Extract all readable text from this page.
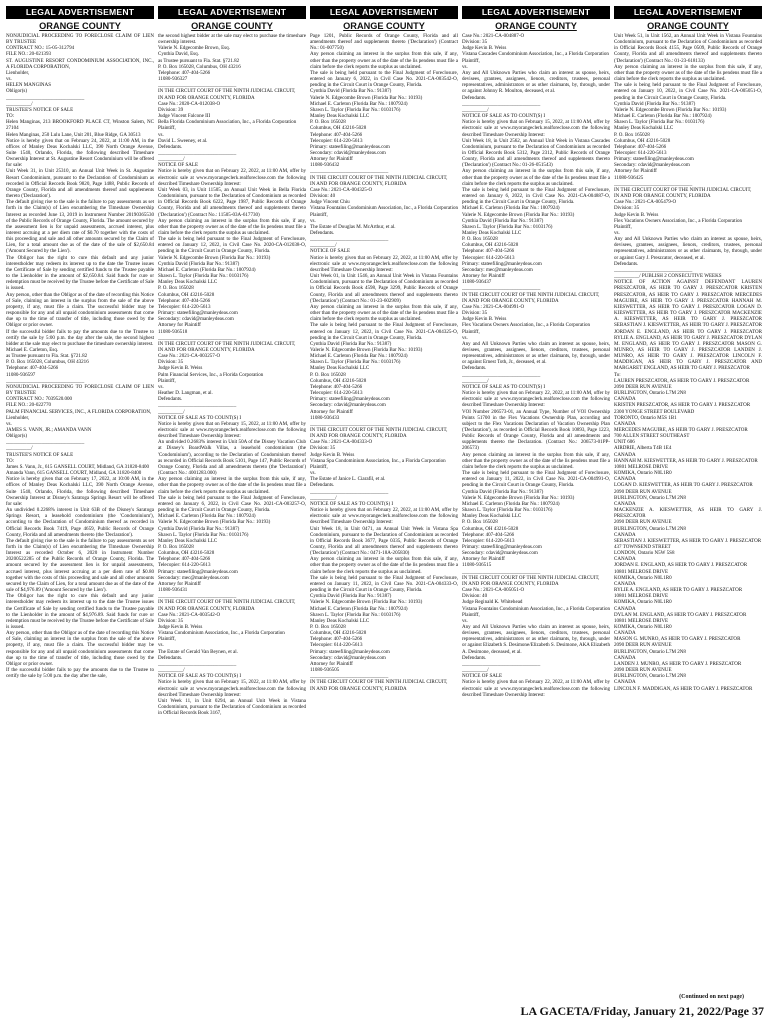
LEGAL ADVERTISEMENT
ORANGE COUNTY
NONJUDICIAL PROCEEDING TO FORECLOSE CLAIM OF LIEN BY TRUSTEE
CONTRACT NO.: 15-05-312794
FILE NO.: 20-021393
ST. AUGUSTINE RESORT CONDOMINIUM ASSOCIATION, INC., A FLORIDA CORPORATION,
Lienholder,
vs.
HELEN MANGINAS
Obligor(s)
_______________________________
__________/
TRUSTEE'S NOTICE OF SALE
TO:
Helen Manginas, 213 BROOKFORD PLACE CT, Winston Salem, NC 27104
Helen Manginas, 250 Lulu Lane, Unit 201, Blue Ridge, GA 30513
Notice is hereby given that on February 24, 2022, at 11:00 AM, in the offices of Manley Deas Kochalski LLC, 390 North Orange Avenue, Suite 1540, Orlando, Florida, the following described Timeshare Ownership Interest at St. Augustine Resort Condominium will be offered for sale:
Unit Week 31, in Unit 25310, an Annual Unit Week in St. Augustine Resort Condominium, pursuant to the Declaration of Condominium as recorded in Official Records Book 9820, Page 1488, Public Records of Orange County, Florida and all amendments thereof and supplements thereto ('Declaration').
The default giving rise to the sale is the failure to pay assessments as set forth in the Claim(s) of Lien encumbering the Timeshare Ownership Interest as recorded June 13, 2019 in Instrument Number 20190365530 of the Public Records of Orange County, Florida. The amount secured by the assessment lien is for unpaid assessments, accrued interest, plus interest accruing at a per diem rate of $0.70 together with the costs of this proceeding and sale and all other amounts secured by the Claim of Lien, for a total amount due as of the date of the sale of $2,650.84 ('Amount Secured by the Lien').
The Obligor has the right to cure this default and any junior interestholder may redeem its interest up to the date the Trustee issues the Certificate of Sale by sending certified funds to the Trustee payable to the Lienholder in the amount of $2,650.84. Said funds for cure or redemption must be received by the Trustee before the Certificate of Sale is issued.
Any person, other than the Obligor as of the date of recording this Notice of Sale, claiming an interest in the surplus from the sale of the above property, if any, must file a claim. The successful bidder may be responsible for any and all unpaid condominium assessments that come due up to the time of transfer of title, including those owed by the Obligor or prior owner.
If the successful bidder fails to pay the amounts due to the Trustee to certify the sale by 5:00 p.m. the day after the sale, the second highest bidder at the sale may elect to purchase the timeshare ownership interest.
Michael E. Carleton, Esq.
as Trustee pursuant to Fla. Stat. §721.82
P. O. Box 165028, Columbus, OH 43216
Telephone: 407-404-5266
11080-936597
_______________________________
NONJUDICIAL PROCEEDING TO FORECLOSE CLAIM OF LIEN BY TRUSTEE
CONTRACT NO.: 7039520.000
FILE NO.: 20-022770
PALM FINANCIAL SERVICES, INC., A FLORIDA CORPORATION,
Lienholder,
vs.
JAMES S. VANN, JR.; AMANDA VANN
Obligor(s)
_______________________________
__________/
TRUSTEE'S NOTICE OF SALE
TO:
James S. Vann, Jr., 615 GANSELL COURT, Midland, GA 31820-8400
Amanda Vann, 615 GANSELL COURT, Midland, GA 31820-8400
Notice is hereby given that on February 17, 2022, at 10:00 AM, in the offices of Manley Deas Kochalski LLC, 390 North Orange Avenue, Suite 1540, Orlando, Florida, the following described Timeshare Ownership Interest at Disney's Saratoga Springs Resort will be offered for sale:
An undivided 0.2268% interest in Unit 63B of the Disney's Saratoga Springs Resort, a leasehold condominium (the 'Condominium'), according to the Declaration of Condominium thereof as recorded in Official Records Book 7419, Page 4659, Public Records of Orange County, Florida and all amendments thereto (the 'Declaration').
The default giving rise to the sale is the failure to pay assessments as set forth in the Claim(s) of Lien encumbering the Timeshare Ownership Interest as recorded October 6, 2020 in Instrument Number 20200522285 of the Public Records of Orange County, Florida. The amount secured by the assessment lien is for unpaid assessments, accrued interest, plus interest accruing at a per diem rate of $0.80 together with the costs of this proceeding and sale and all other amounts secured by the Claim of Lien, for a total amount due as of the date of the sale of $4,976.89 ('Amount Secured by the Lien').
The Obligor has the right to cure this default and any junior interestholder may redeem its interest up to the date the Trustee issues the Certificate of Sale by sending certified funds to the Trustee payable to the Lienholder in the amount of $4,976.89. Said funds for cure or redemption must be received by the Trustee before the Certificate of Sale is issued.
Any person, other than the Obligor as of the date of recording this Notice of Sale, claiming an interest in the surplus from the sale of the above property, if any, must file a claim. The successful bidder may be responsible for any and all unpaid condominium assessments that come due up to the time of transfer of title, including those owed by the Obligor or prior owner.
If the successful bidder fails to pay the amounts due to the Trustee to certify the sale by 5:00 p.m. the day after the sale,
LEGAL ADVERTISEMENT
ORANGE COUNTY
the second highest bidder at the sale may elect to purchase the timeshare ownership interest.
Valerie N. Edgecombe Brown, Esq.
Cynthia David, Esq.
as Trustee pursuant to Fla. Stat. §721.82
P. O. Box 165028, Columbus, OH 43216
Telephone: 407-404-5266
11080-936327
_______________________________
IN THE CIRCUIT COURT OF THE NINTH JUDICIAL CIRCUIT,
IN AND FOR ORANGE COUNTY, FLORIDA
Case No.: 2020-CA-012038-O
Division: 39
Judge Vincent Falcone III
Bella Florida Condominium Association, Inc., a Florida Corporation
Plaintiff,
vs.
David L. Sweeney, et al.
Defendants.
_______________________________
__________/
NOTICE OF SALE
Notice is hereby given that on February 22, 2022, at 11:00 AM, offer by electronic sale at www.myorangeclerk.realforeclose.com the following described Timeshare Ownership Interest:
Unit Week 03, in Unit 11505, an Annual Unit Week in Bella Florida Condominium, pursuant to the Declaration of Condominium as recorded in Official Records Book 6222, Page 1987, Public Records of Orange County, Florida and all amendments thereof and supplements thereto ('Declaration') (Contract No.: 11505-03A-617730)
Any person claiming an interest in the surplus from this sale, if any, other than the property owner as of the date of the lis pendens must file a claim before the clerk reports the surplus as unclaimed.
The sale is being held pursuant to the Final Judgment of Foreclosure, entered on January 12, 2022, in Civil Case No. 2020-CA-012038-O, pending in the Circuit Court in Orange County, Florida.
Valerie N. Edgecombe Brown (Florida Bar No.: 10193)
Cynthia David (Florida Bar No.: 91387)
Michael E. Carleton (Florida Bar No.: 1007924)
Shawn L. Taylor (Florida Bar No.: 0103176)
Manley Deas Kochalski LLC
P. O. Box 165028
Columbus, OH 43216-5028
Telephone: 407-404-5266
Telecopier: 614-220-5613
Primary: stateefiling@manleydeas.com
Secondary: cdavid@manleydeas.com
Attorney for Plaintiff
11080-936518
_______________________________
IN THE CIRCUIT COURT OF THE NINTH JUDICIAL CIRCUIT,
IN AND FOR ORANGE COUNTY, FLORIDA
Case No.: 2021-CA-003257-O
Division: 35
Judge Kevin B. Weiss
Palm Financial Services, Inc., a Florida Corporation
Plaintiff,
vs.
Heather D. Langman, et al.
Defendants.
_______________________________
__________/
NOTICE OF SALE AS TO COUNT(S) I
Notice is hereby given that on February 15, 2022, at 11:00 AM, offer by electronic sale at www.myorangeclerk.realforeclose.com the following described Timeshare Ownership Interest:
An undivided 0.2683% interest in Unit 50A of the Disney Vacation Club at Disney's BoardWalk Villas, a leasehold condominium (the 'Condominium'), according to the Declaration of Condominium thereof as recorded in Official Records Book 5101, Page 147, Public Records of Orange County, Florida and all amendments thereto (the 'Declaration') (Contract No.: 4001283.000)
Any person claiming an interest in the surplus from this sale, if any, other than the property owner as of the date of the lis pendens must file a claim before the clerk reports the surplus as unclaimed.
The sale is being held pursuant to the Final Judgment of Foreclosure, entered on January 6, 2022, in Civil Case No. 2021-CA-003257-O, pending in the Circuit Court in Orange County, Florida.
Michael E. Carleton (Florida Bar No.: 1007924)
Valerie N. Edgecombe Brown (Florida Bar No.: 10193)
Cynthia David (Florida Bar No.: 91387)
Shawn L. Taylor (Florida Bar No.: 0103176)
Manley Deas Kochalski LLC
P. O. Box 165028
Columbus, OH 43216-5028
Telephone: 407-404-5266
Telecopier: 614-220-5613
Primary: stateefiling@manleydeas.com
Secondary: mec@manleydeas.com
Attorney for Plaintiff
11080-936431
_______________________________
IN THE CIRCUIT COURT OF THE NINTH JUDICIAL CIRCUIT,
IN AND FOR ORANGE COUNTY, FLORIDA
Case No.: 2021-CA-003542-O
Division: 35
Judge Kevin B. Weiss
Vistana Condominium Association, Inc., a Florida Corporation
Plaintiff,
vs.
The Estate of Gerald Van Beynen, et al.
Defendants.
_______________________________
__________/
NOTICE OF SALE AS TO COUNT(S) I
Notice is hereby given that on February 15, 2022, at 11:00 AM, offer by electronic sale at www.myorangeclerk.realforeclose.com the following described Timeshare Ownership Interest:
Unit Week 11, in Unit 0294, an Annual Unit Week in Vistana Condominium, pursuant to the Declaration of Condominium as recorded in Official Records Book 3167,
LEGAL ADVERTISEMENT
ORANGE COUNTY
Page 1201, Public Records of Orange County, Florida and all amendments thereof and supplements thereto ('Declaration') (Contract No.: 01-007750)
Any person claiming an interest in the surplus from this sale, if any, other than the property owner as of the date of the lis pendens must file a claim before the clerk reports the surplus as unclaimed.
The sale is being held pursuant to the Final Judgment of Foreclosure, entered on January 6, 2022, in Civil Case No. 2021-CA-003542-O, pending in the Circuit Court in Orange County, Florida.
Cynthia David (Florida Bar No.: 91387)
Valerie N. Edgecombe Brown (Florida Bar No.: 10193)
Michael E. Carleton (Florida Bar No.: 1007924)
Shawn L. Taylor (Florida Bar No.: 0103176)
Manley Deas Kochalski LLC
P. O. Box 165028
Columbus, OH 43216-5028
Telephone: 407-404-5266
Telecopier: 614-220-5613
Primary: stateefiling@manleydeas.com
Secondary: cdavid@manleydeas.com
Attorney for Plaintiff
11080-936432
_______________________________
IN THE CIRCUIT COURT OF THE NINTH JUDICIAL CIRCUIT,
IN AND FOR ORANGE COUNTY, FLORIDA
Case No.: 2021-CA-004325-O
Division: 40
Judge Vincent Chiu
Vistana Fountains Condominium Association, Inc., a Florida Corporation
Plaintiff,
vs.
The Estate of Douglas M. McArthur, et al.
Defendants.
_______________________________
__________/
NOTICE OF SALE
Notice is hereby given that on February 22, 2022, at 11:00 AM, offer by electronic sale at www.myorangeclerk.realforeclose.com the following described Timeshare Ownership Interest:
Unit Week 01, in Unit 1546, an Annual Unit Week in Vistana Fountains Condominium, pursuant to the Declaration of Condominium as recorded in Official Records Book 4598, Page 3299, Public Records of Orange County, Florida and all amendments thereof and supplements thereto ('Declaration') (Contract No.: 01-23-602909)
Any person claiming an interest in the surplus from this sale, if any, other than the property owner as of the date of the lis pendens must file a claim before the clerk reports the surplus as unclaimed.
The sale is being held pursuant to the Final Judgment of Foreclosure, entered on January 12, 2022, in Civil Case No. 2021-CA-004325-O, pending in the Circuit Court in Orange County, Florida.
Cynthia David (Florida Bar No.: 91387)
Valerie N. Edgecombe Brown (Florida Bar No.: 10193)
Michael E. Carleton (Florida Bar No.: 1007924)
Shawn L. Taylor (Florida Bar No.: 0103176)
Manley Deas Kochalski LLC
P. O. Box 165028
Columbus, OH 43216-5028
Telephone: 407-404-5266
Telecopier: 614-220-5613
Primary: stateefiling@manleydeas.com
Secondary: cdavid@manleydeas.com
Attorney for Plaintiff
11080-936433
_______________________________
IN THE CIRCUIT COURT OF THE NINTH JUDICIAL CIRCUIT,
IN AND FOR ORANGE COUNTY, FLORIDA
Case No.: 2021-CA-004333-O
Division: 35
Judge Kevin B. Weiss
Vistana Spa Condominium Association, Inc., a Florida Corporation
Plaintiff,
vs.
The Estate of Janice L. Ciarafil, et al.
Defendants.
_______________________________
__________/
NOTICE OF SALE AS TO COUNT(S) I
Notice is hereby given that on February 22, 2022, at 11:00 AM, offer by electronic sale at www.myorangeclerk.realforeclose.com the following described Timeshare Ownership Interest:
Unit Week 18, in Unit 0471, an Annual Unit Week in Vistana Spa Condominium, pursuant to the Declaration of Condominium as recorded in Official Records Book 3677, Page 0335, Public Records of Orange County, Florida and all amendments thereof and supplements thereto ('Declaration') (Contract No.: 0471-18A-205830)
Any person claiming an interest in the surplus from this sale, if any, other than the property owner as of the date of the lis pendens must file a claim before the clerk reports the surplus as unclaimed.
The sale is being held pursuant to the Final Judgment of Foreclosure, entered on January 11, 2022, in Civil Case No. 2021-CA-004333-O, pending in the Circuit Court in Orange County, Florida.
Cynthia David (Florida Bar No.: 91387)
Valerie N. Edgecombe Brown (Florida Bar No.: 10193)
Michael E. Carleton (Florida Bar No.: 1007924)
Shawn L. Taylor (Florida Bar No.: 0103176)
Manley Deas Kochalski LLC
P. O. Box 165028
Columbus, OH 43216-5028
Telephone: 407-404-5266
Telecopier: 614-220-5613
Primary: stateefiling@manleydeas.com
Secondary: cdavid@manleydeas.com
Attorney for Plaintiff
11080-936505
_______________________________
IN THE CIRCUIT COURT OF THE NINTH JUDICIAL CIRCUIT,
IN AND FOR ORANGE COUNTY, FLORIDA
LEGAL ADVERTISEMENT
ORANGE COUNTY
Case No.: 2021-CA-004887-O
Division: 35
Judge Kevin B. Weiss
Vistana Cascades Condominium Association, Inc., a Florida Corporation
Plaintiff,
vs.
Any and All Unknown Parties who claim an interest as spouse, heirs, devisees, grantees, assignees, lienors, creditors, trustees, personal representatives, administrators or as other claimants, by, through, under or against Johnny R. Moulton, deceased, et al.
Defendants.
_______________________________
__________/
NOTICE OF SALE AS TO COUNT(S) I
Notice is hereby given that on February 15, 2022, at 11:00 AM, offer by electronic sale at www.myorangeclerk.realforeclose.com the following described Timeshare Ownership Interest:
Unit Week 18, in Unit 2562, an Annual Unit Week in Vistana Cascades Condominium, pursuant to the Declaration of Condominium as recorded in Official Records Book 5312, Page 2312, Public Records of Orange County, Florida and all amendments thereof and supplements thereto ('Declaration') (Contract No.: 01-26-051543)
Any person claiming an interest in the surplus from this sale, if any, other than the property owner as of the date of the lis pendens must file a claim before the clerk reports the surplus as unclaimed.
The sale is being held pursuant to the Final Judgment of Foreclosure, entered on January 6, 2022, in Civil Case No. 2021-CA-004887-O, pending in the Circuit Court in Orange County, Florida.
Michael E. Carleton (Florida Bar No.: 1007924)
Valerie N. Edgecombe Brown (Florida Bar No.: 10193)
Cynthia David (Florida Bar No.: 91387)
Shawn L. Taylor (Florida Bar No.: 0103176)
Manley Deas Kochalski LLC
P. O. Box 165028
Columbus, OH 43216-5028
Telephone: 407-404-5266
Telecopier: 614-220-5613
Primary: stateefiling@manleydeas.com
Secondary: mec@manleydeas.com
Attorney for Plaintiff
11080-936437
_______________________________
IN THE CIRCUIT COURT OF THE NINTH JUDICIAL CIRCUIT,
IN AND FOR ORANGE COUNTY, FLORIDA
Case No.: 2021-CA-004991-O
Division: 35
Judge Kevin B. Weiss
Flex Vacations Owners Association, Inc., a Florida Corporation
Plaintiff,
vs.
Any and All Unknown Parties who claim an interest as spouse, heirs, devisees, grantees, assignees, lienors, creditors, trustees, personal representatives, administrators or as other claimants, by, through, under or against Ernest Toth, Jr., deceased, et al.
Defendants.
_______________________________
__________/
NOTICE OF SALE AS TO COUNT(S) I
Notice is hereby given that on February 22, 2022, at 11:00 AM, offer by electronic sale at www.myorangeclerk.realforeclose.com the following described Timeshare Ownership Interest:
VOI Number 206573-01, an Annual Type, Number of VOI Ownership Points 51700 in the Flex Vacations Ownership Plan, according and subject to the Flex Vacations Declaration of Vacation Ownership Plan ('Declaration'), as recorded in Official Records Book 10893, Page 1223, Public Records of Orange County, Florida and all amendments and supplements thereto the Declaration. (Contract No.: 206573-01PP-206573)
Any person claiming an interest in the surplus from this sale, if any, other than the property owner as of the date of the lis pendens must file a claim before the clerk reports the surplus as unclaimed.
The sale is being held pursuant to the Final Judgment of Foreclosure, entered on January 11, 2022, in Civil Case No. 2021-CA-004991-O, pending in the Circuit Court in Orange County, Florida.
Cynthia David (Florida Bar No.: 91387)
Valerie N. Edgecombe Brown (Florida Bar No.: 10193)
Michael E. Carleton (Florida Bar No.: 1007924)
Shawn L. Taylor (Florida Bar No.: 0103176)
Manley Deas Kochalski LLC
P. O. Box 165028
Columbus, OH 43216-5028
Telephone: 407-404-5266
Telecopier: 614-220-5613
Primary: stateefiling@manleydeas.com
Secondary: cdavid@manleydeas.com
Attorney for Plaintiff
11080-936515
_______________________________
IN THE CIRCUIT COURT OF THE NINTH JUDICIAL CIRCUIT,
IN AND FOR ORANGE COUNTY, FLORIDA
Case No.: 2021-CA-005051-O
Division: 40
Judge Reginald K. Whitehead
Vistana Fountains Condominium Association, Inc., a Florida Corporation
Plaintiff,
vs.
Any and All Unknown Parties who claim an interest as spouse, heirs, devisees, grantees, assignees, lienors, creditors, trustees, personal representatives, administrators or as other claimants, by, through, under or against Elizabeth S. Desimone/Elizabeth S. Desimone, AKA Elizabeth A. Desimone, deceased, et al.
Defendants.
_______________________________
__________/
NOTICE OF SALE
Notice is hereby given that on February 22, 2022, at 11:00 AM, offer by electronic sale at www.myorangeclerk.realforeclose.com the following described Timeshare Ownership Interest:
LEGAL ADVERTISEMENT
ORANGE COUNTY
Unit Week 51, in Unit 1562, an Annual Unit Week in Vistana Fountains Condominium, pursuant to the Declaration of Condominium as recorded in Official Records Book 4155, Page 0509, Public Records of Orange County, Florida and all amendments thereof and supplements thereto ('Declaration') (Contract No.: 01-23-618133)
Any person claiming an interest in the surplus from this sale, if any, other than the property owner as of the date of the lis pendens must file a claim before the clerk reports the surplus as unclaimed.
The sale is being held pursuant to the Final Judgment of Foreclosure, entered on January 10, 2022, in Civil Case No. 2021-CA-005051-O, pending in the Circuit Court in Orange County, Florida.
Cynthia David (Florida Bar No.: 91387)
Valerie N. Edgecombe Brown (Florida Bar No.: 10193)
Michael E. Carleton (Florida Bar No.: 1007924)
Shawn L. Taylor (Florida Bar No.: 0103176)
Manley Deas Kochalski LLC
P. O. Box 165028
Columbus, OH 43216-5028
Telephone: 407-404-5266
Telecopier: 614-220-5613
Primary: stateefiling@manleydeas.com
Secondary: cdavid@manleydeas.com
Attorney for Plaintiff
11080-936425
_______________________________
IN THE CIRCUIT COURT OF THE NINTH JUDICIAL CIRCUIT,
IN AND FOR ORANGE COUNTY, FLORIDA
Case No.: 2021-CA-005479-O
Division: 35
Judge Kevin B. Weiss
Flex Vacations Owners Association, Inc., a Florida Corporation
Plaintiff,
vs.
Any and All Unknown Parties who claim an interest as spouse, heirs, devisees, grantees, assignees, lienors, creditors, trustees, personal representatives, administrators or as other claimants, by, through, under or against Gary J. Preszcator, deceased, et al.
Defendants.
_______________________________
__________/ PUBLISH 2 CONSECUTIVE WEEKS
NOTICE OF ACTION AGAINST DEFENDANT LAUREN PRESZCATOR, AS HEIR TO GARY J. PRESZCATOR KRISTEN PRESZCATOR, AS HEIR TO GARY J. PRESZCATOR MERCEDES MAGUIRE, AS HEIR TO GARY J. PRESZCATOR HANNAH M. KIESWETTER, AS HEIR TO GARY J. PRESZCATOR LOGAN D. KIESWETTER, AS HEIR TO GARY J. PRESZCATOR MACKENZIE A. KIESWETTER, AS HEIR TO GARY J. PRESZCATOR SEBASTIAN J. KIESWETTER, AS HEIR TO GARY J. PRESZCATOR JORDAN E. ENGLAND, AS HEIR TO GARY J. PRESZCATOR RYLIE A. ENGLAND, AS HEIR TO GARY J. PRESZCATOR DYLAN M. ENGLAND, AS HEIR TO GARY J. PRESZCATOR MASON G. MUNRO, AS HEIR TO GARY J. PRESZCATOR LANDEN J. MUNRO, AS HEIR TO GARY J. PRESZCATOR LINCOLN F. MADDIGAN, AS HEIR TO GARY J. PRESZCATOR AND MARGARET ENGLAND, AS HEIR TO GARY J. PRESZCATOR
To:
LAUREN PRESZCATOR, AS HEIR TO GARY J. PRESZCATOR
2090 DEER RUN AVENUE
BURLINGTON, Ontario L7M 2N8
CANADA
KRISTEN PRESZCATOR, AS HEIR TO GARY J. PRESZCATOR
2300 YONGE STREET BOULEVARD
TORONTO, Ontario M5S 1B1
CANADA
MERCEDES MAGUIRE, AS HEIR TO GARY J. PRESZCATOR
700 ALLEN STREET SOUTHEAST
UNIT 606
AIRDRIE, Alberta T4B 1E4
CANADA
HANNAH M. KIESWETTER, AS HEIR TO GARY J. PRESZCATOR
10801 MELROSE DRIVE
KOMIKA, Ontario N0L1R0
CANADA
LOGAN D. KIESWETTER, AS HEIR TO GARY J. PRESZCATOR
2090 DEER RUN AVENUE
BURLINGTON, Ontario L7M 2N8
CANADA
MACKENZIE A. KIESWETTER, AS HEIR TO GARY J. PRESZCATOR
2090 DEER RUN AVENUE
BURLINGTON, Ontario L7M 2N8
CANADA
SEBASTIAN J. KIESWETTER, AS HEIR TO GARY J. PRESZCATOR
437 TOWNSEND STREET
LONDON, Ontario N5W 5S8
CANADA
JORDAN E. ENGLAND, AS HEIR TO GARY J. PRESZCATOR
10801 MELROSE DRIVE
KOMIKA, Ontario N0L1R0
CANADA
RYLIE A. ENGLAND, AS HEIR TO GARY J. PRESZCATOR
10801 MELROSE DRIVE
KOMIKA, Ontario N0L1R0
CANADA
DYLAN M. ENGLAND, AS HEIR TO GARY J. PRESZCATOR
10801 MELROSE DRIVE
KOMIKA, Ontario N0L1R0
CANADA
MASON G. MUNRO, AS HEIR TO GARY J. PRESZCATOR
2090 DEER RUN AVENUE
BURLINGTON, Ontario L7M 2N8
CANADA
LANDEN J. MUNRO, AS HEIR TO GARY J. PRESZCATOR
2090 DEER RUN AVENUE
BURLINGTON, Ontario L7M 2N8
CANADA
LINCOLN F. MADDIGAN, AS HEIR TO GARY J. PRESZCATOR
(Continued on next page)
LA GACETA/Friday, January 21, 2022/Page 37
